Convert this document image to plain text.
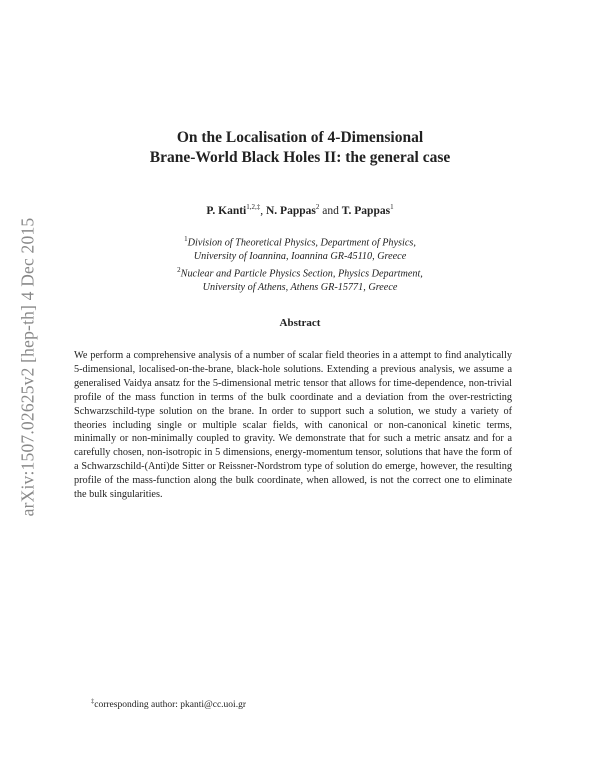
arXiv:1507.02625v2 [hep-th] 4 Dec 2015
On the Localisation of 4-Dimensional
Brane-World Black Holes II: the general case
P. Kanti$^{1,2,\ddagger}$, N. Pappas$^2$ and T. Pappas$^1$
$^1$Division of Theoretical Physics, Department of Physics,
University of Ioannina, Ioannina GR-45110, Greece
$^2$Nuclear and Particle Physics Section, Physics Department,
University of Athens, Athens GR-15771, Greece
Abstract
We perform a comprehensive analysis of a number of scalar field theories in a attempt to find analytically 5-dimensional, localised-on-the-brane, black-hole solutions. Extending a previous analysis, we assume a generalised Vaidya ansatz for the 5-dimensional metric tensor that allows for time-dependence, non-trivial profile of the mass function in terms of the bulk coordinate and a deviation from the over-restricting Schwarzschild-type solution on the brane. In order to support such a solution, we study a variety of theories including single or multiple scalar fields, with canonical or non-canonical kinetic terms, minimally or non-minimally coupled to gravity. We demonstrate that for such a metric ansatz and for a carefully chosen, non-isotropic in 5 dimensions, energy-momentum tensor, solutions that have the form of a Schwarzschild-(Anti)de Sitter or Reissner-Nordstrom type of solution do emerge, however, the resulting profile of the mass-function along the bulk coordinate, when allowed, is not the correct one to eliminate the bulk singularities.
‡corresponding author: pkanti@cc.uoi.gr
